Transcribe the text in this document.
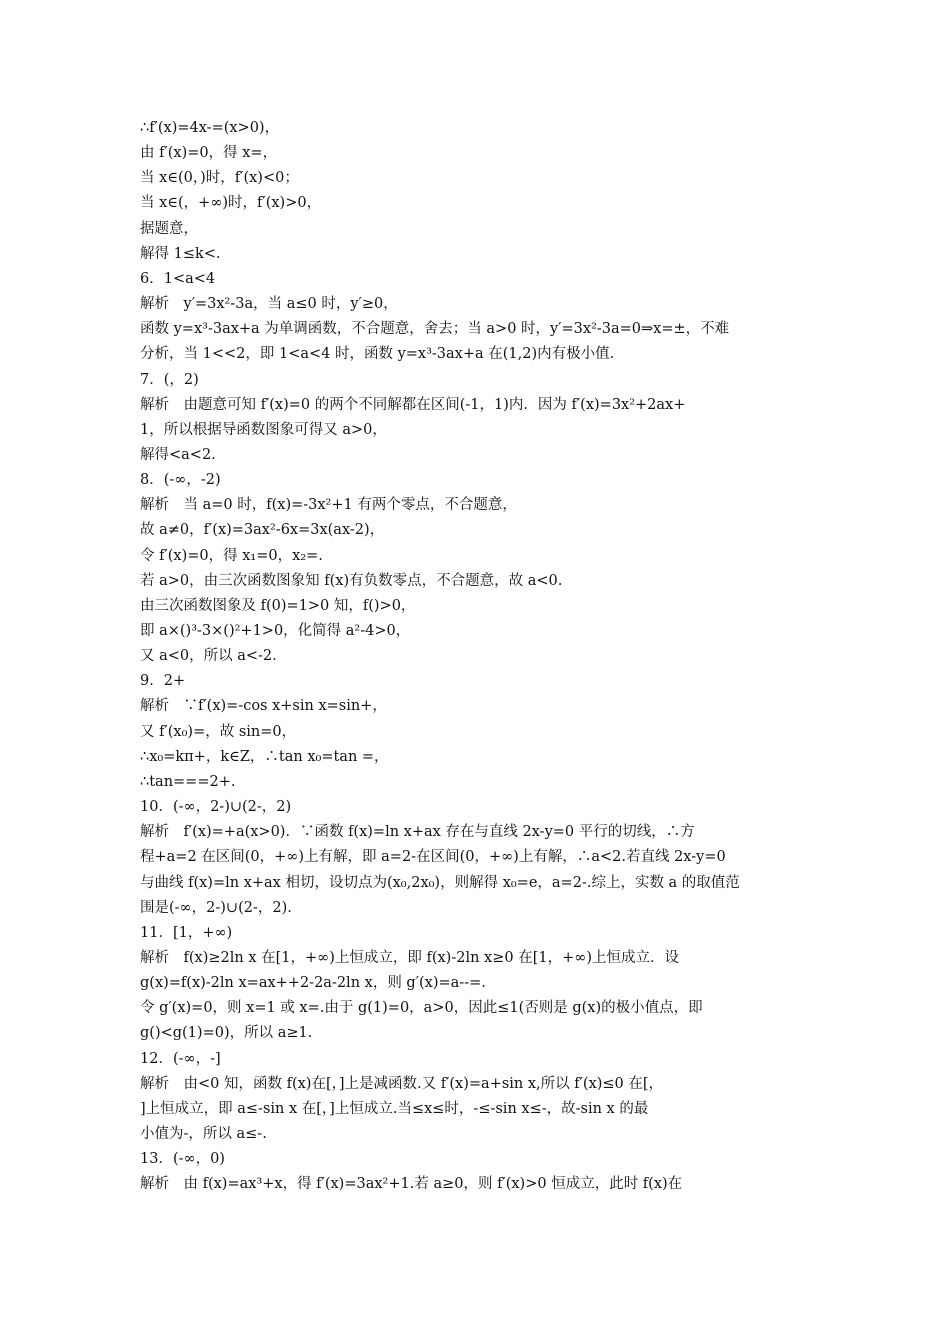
∴f′(x)=4x-=(x>0)，
由 f′(x)=0，得 x=，
当 x∈(0，)时，f′(x)<0；
当 x∈(，+∞)时，f′(x)>0，
据题意，
解得 1≤k<.
6．1<a<4
解析　y′=3x²-3a，当 a≤0 时，y′≥0，
函数 y=x³-3ax+a 为单调函数，不合题意，舍去；当 a>0 时，y′=3x²-3a=0⇒x=±，不难
分析，当 1<<2，即 1<a<4 时，函数 y=x³-3ax+a 在(1,2)内有极小值.
7．(，2)
解析　由题意可知 f′(x)=0 的两个不同解都在区间(-1，1)内．因为 f′(x)=3x²+2ax+
1，所以根据导函数图象可得又 a>0，
解得<a<2.
8．(-∞，-2)
解析　当 a=0 时，f(x)=-3x²+1 有两个零点，不合题意，
故 a≠0，f′(x)=3ax²-6x=3x(ax-2)，
令 f′(x)=0，得 x₁=0，x₂=.
若 a>0，由三次函数图象知 f(x)有负数零点，不合题意，故 a<0.
由三次函数图象及 f(0)=1>0 知，f()>0，
即 a×()³-3×()²+1>0，化简得 a²-4>0，
又 a<0，所以 a<-2.
9．2+
解析　∵f′(x)=-cos x+sin x=sin+，
又 f′(x₀)=，故 sin=0，
∴x₀=kπ+，k∈Z，∴tan x₀=tan =，
∴tan===2+.
10．(-∞，2-)∪(2-，2)
解析　f′(x)=+a(x>0)．∵函数 f(x)=ln x+ax 存在与直线 2x-y=0 平行的切线，∴方
程+a=2 在区间(0，+∞)上有解，即 a=2-在区间(0，+∞)上有解，∴a<2.若直线 2x-y=0
与曲线 f(x)=ln x+ax 相切，设切点为(x₀,2x₀)，则解得 x₀=e，a=2-.综上，实数 a 的取值范
围是(-∞，2-)∪(2-，2).
11．[1，+∞)
解析　f(x)≥2ln x 在[1，+∞)上恒成立，即 f(x)-2ln x≥0 在[1，+∞)上恒成立．设
g(x)=f(x)-2ln x=ax++2-2a-2ln x，则 g′(x)=a--=.
令 g′(x)=0，则 x=1 或 x=.由于 g(1)=0，a>0，因此≤1(否则是 g(x)的极小值点，即
g()<g(1)=0)，所以 a≥1.
12．(-∞，-]
解析　由<0 知，函数 f(x)在[，]上是减函数.又 f′(x)=a+sin x,所以 f′(x)≤0 在[，
]上恒成立，即 a≤-sin x 在[，]上恒成立.当≤x≤时，-≤-sin x≤-，故-sin x 的最
小值为-，所以 a≤-.
13．(-∞，0)
解析　由 f(x)=ax³+x，得 f′(x)=3ax²+1.若 a≥0，则 f′(x)>0 恒成立，此时 f(x)在
